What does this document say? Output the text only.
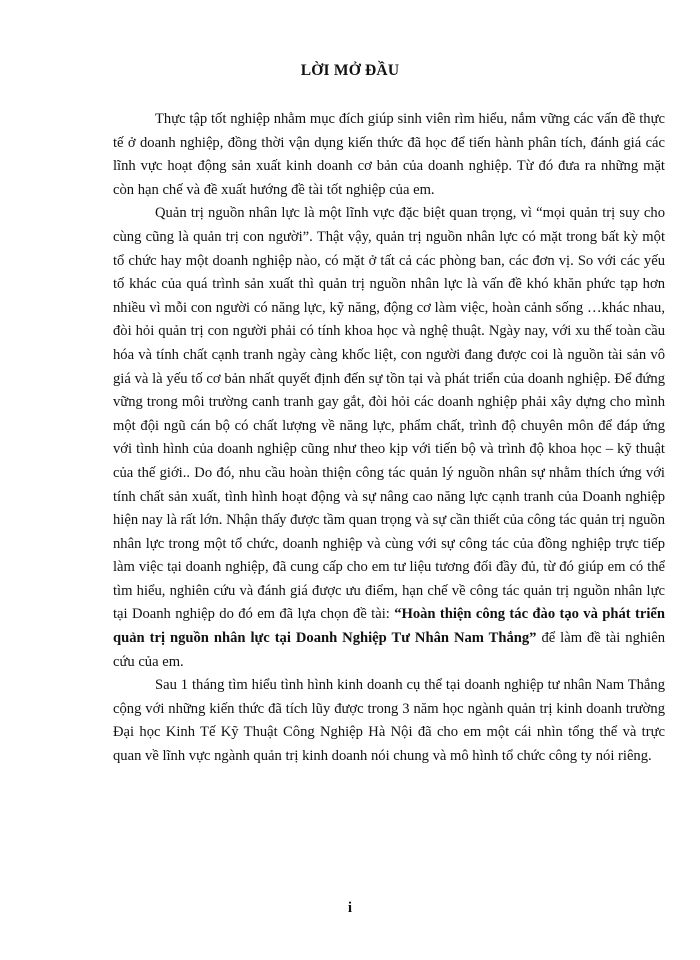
LỜI MỞ ĐẦU

Thực tập tốt nghiệp nhằm mục đích giúp sinh viên rìm hiểu, nắm vững các vấn đề thực tế ở doanh nghiệp, đồng thời vận dụng kiến thức đã học để tiến hành phân tích, đánh giá các lĩnh vực hoạt động sản xuất kinh doanh cơ bản của doanh nghiệp. Từ đó đưa ra những mặt còn hạn chế và đề xuất hướng đề tài tốt nghiệp của em.

Quản trị nguồn nhân lực là một lĩnh vực đặc biệt quan trọng, vì “mọi quản trị suy cho cùng cũng là quản trị con người”. Thật vậy, quản trị nguồn nhân lực có mặt trong bất kỳ một tổ chức hay một doanh nghiệp nào, có mặt ở tất cả các phòng ban, các đơn vị. So với các yếu tố khác của quá trình sản xuất thì quản trị nguồn nhân lực là vấn đề khó khăn phức tạp hơn nhiều vì mỗi con người có năng lực, kỹ năng, động cơ làm việc, hoàn cảnh sống …khác nhau, đòi hỏi quản trị con người phải có tính khoa học và nghệ thuật. Ngày nay, với xu thế toàn cầu hóa và tính chất cạnh tranh ngày càng khốc liệt, con người đang được coi là nguồn tài sản vô giá và là yếu tố cơ bản nhất quyết định đến sự tồn tại và phát triển của doanh nghiệp. Để đứng vững trong môi trường canh tranh gay gắt, đòi hỏi các doanh nghiệp phải xây dựng cho mình một đội ngũ cán bộ có chất lượng về năng lực, phẩm chất, trình độ chuyên môn để đáp ứng với tình hình của doanh nghiệp cũng như theo kịp với tiến bộ và trình độ khoa học – kỹ thuật của thế giới.. Do đó, nhu cầu hoàn thiện công tác quản lý nguồn nhân sự nhằm thích ứng với tính chất sản xuất, tình hình hoạt động và sự nâng cao năng lực cạnh tranh của Doanh nghiệp hiện nay là rất lớn. Nhận thấy được tầm quan trọng và sự cần thiết của công tác quản trị nguồn nhân lực trong một tổ chức, doanh nghiệp và cùng với sự công tác của đồng nghiệp trực tiếp làm việc tại doanh nghiệp, đã cung cấp cho em tư liệu tương đối đầy đủ, từ đó giúp em có thể tìm hiểu, nghiên cứu và đánh giá được ưu điểm, hạn chế về công tác quản trị nguồn nhân lực tại Doanh nghiệp do đó em đã lựa chọn đề tài: “Hoàn thiện công tác đào tạo và phát triển quản trị nguồn nhân lực tại Doanh Nghiệp Tư Nhân Nam Thắng” để làm đề tài nghiên cứu của em.

Sau 1 tháng tìm hiểu tình hình kinh doanh cụ thể tại doanh nghiệp tư nhân Nam Thắng cộng với những kiến thức đã tích lũy được trong 3 năm học ngành quản trị kinh doanh trường Đại học Kinh Tế Kỹ Thuật Công Nghiệp Hà Nội đã cho em một cái nhìn tổng thể và trực quan về lĩnh vực ngành quản trị kinh doanh nói chung và mô hình tổ chức công ty nói riêng.

i
